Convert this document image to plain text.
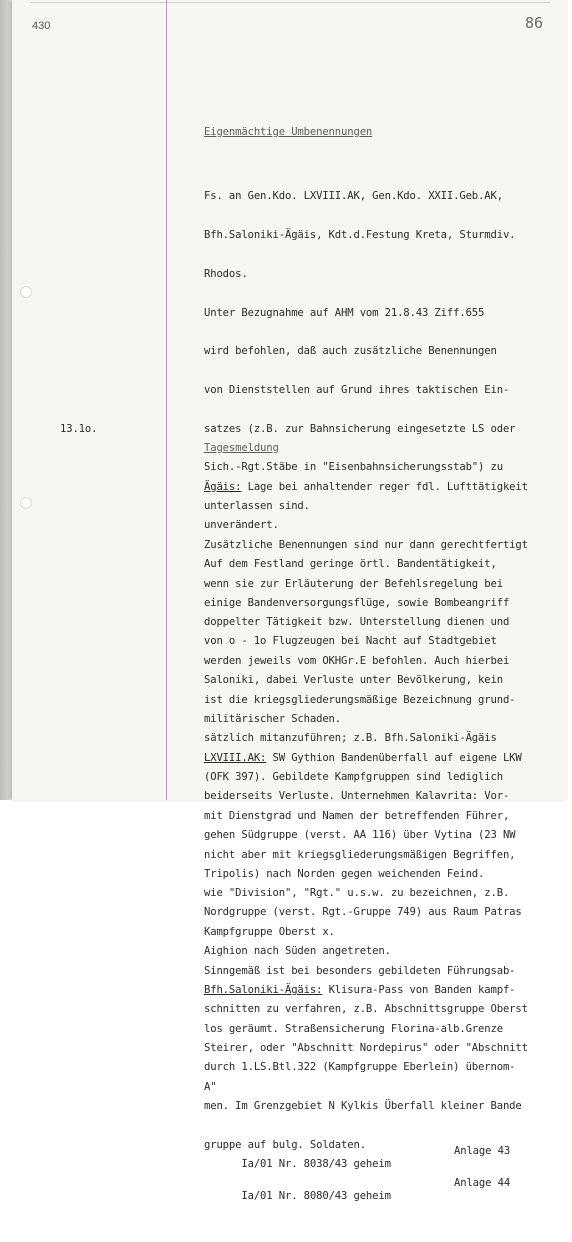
430	86

Eigenmächtige Umbenennungen

Fs. an Gen.Kdo. LXVIII.AK, Gen.Kdo. XXII.Geb.AK,

Bfh.Saloniki-Ägäis, Kdt.d.Festung Kreta, Sturmdiv.

Rhodos.

Unter Bezugnahme auf AHM vom 21.8.43 Ziff.655

wird befohlen, daß auch zusätzliche Benennungen

von Dienststellen auf Grund ihres taktischen Ein-

satzes (z.B. zur Bahnsicherung eingesetzte LS oder

Sich.-Rgt.Stäbe in "Eisenbahnsicherungsstab") zu

unterlassen sind.

Zusätzliche Benennungen sind nur dann gerechtfertigt

wenn sie zur Erläuterung der Befehlsregelung bei

doppelter Tätigkeit bzw. Unterstellung dienen und

werden jeweils vom OKHGr.E befohlen. Auch hierbei

ist die kriegsgliederungsmäßige Bezeichnung grund-

sätzlich mitanzuführen; z.B. Bfh.Saloniki-Ägäis

(OFK 397). Gebildete Kampfgruppen sind lediglich

mit Dienstgrad und Namen der betreffenden Führer,

nicht aber mit kriegsgliederungsmäßigen Begriffen,

wie "Division", "Rgt." u.s.w. zu bezeichnen, z.B.

Kampfgruppe Oberst x.

Sinngemäß ist bei besonders gebildeten Führungsab-

schnitten zu verfahren, z.B. Abschnittsgruppe Oberst

Steirer, oder "Abschnitt Nordepirus" oder "Abschnitt

A"

Ia/01 Nr. 8038/43 geheim
Anlage 43

13.1o.

Tagesmeldung

Ägäis: Lage bei anhaltender reger fdl. Lufttätigkeit

unverändert.

Auf dem Festland geringe örtl. Bandentätigkeit,

einige Bandenversorgungsflüge, sowie Bombeangriff

von o - 1o Flugzeugen bei Nacht auf Stadtgebiet

Saloniki, dabei Verluste unter Bevölkerung, kein

militärischer Schaden.

LXVIII.AK: SW Gythion Bandenüberfall auf eigene LKW

beiderseits Verluste. Unternehmen Kalavrita: Vor-

gehen Südgruppe (verst. AA 116) über Vytina (23 NW

Tripolis) nach Norden gegen weichenden Feind.

Nordgruppe (verst. Rgt.-Gruppe 749) aus Raum Patras

Aighion nach Süden angetreten.

Bfh.Saloniki-Ägäis: Klisura-Pass von Banden kampf-

los geräumt. Straßensicherung Florina-alb.Grenze

durch 1.LS.Btl.322 (Kampfgruppe Eberlein) übernom-

men. Im Grenzgebiet N Kylkis Überfall kleiner Bande

gruppe auf bulg. Soldaten.

Ia/01 Nr. 8080/43 geheim
Anlage 44
